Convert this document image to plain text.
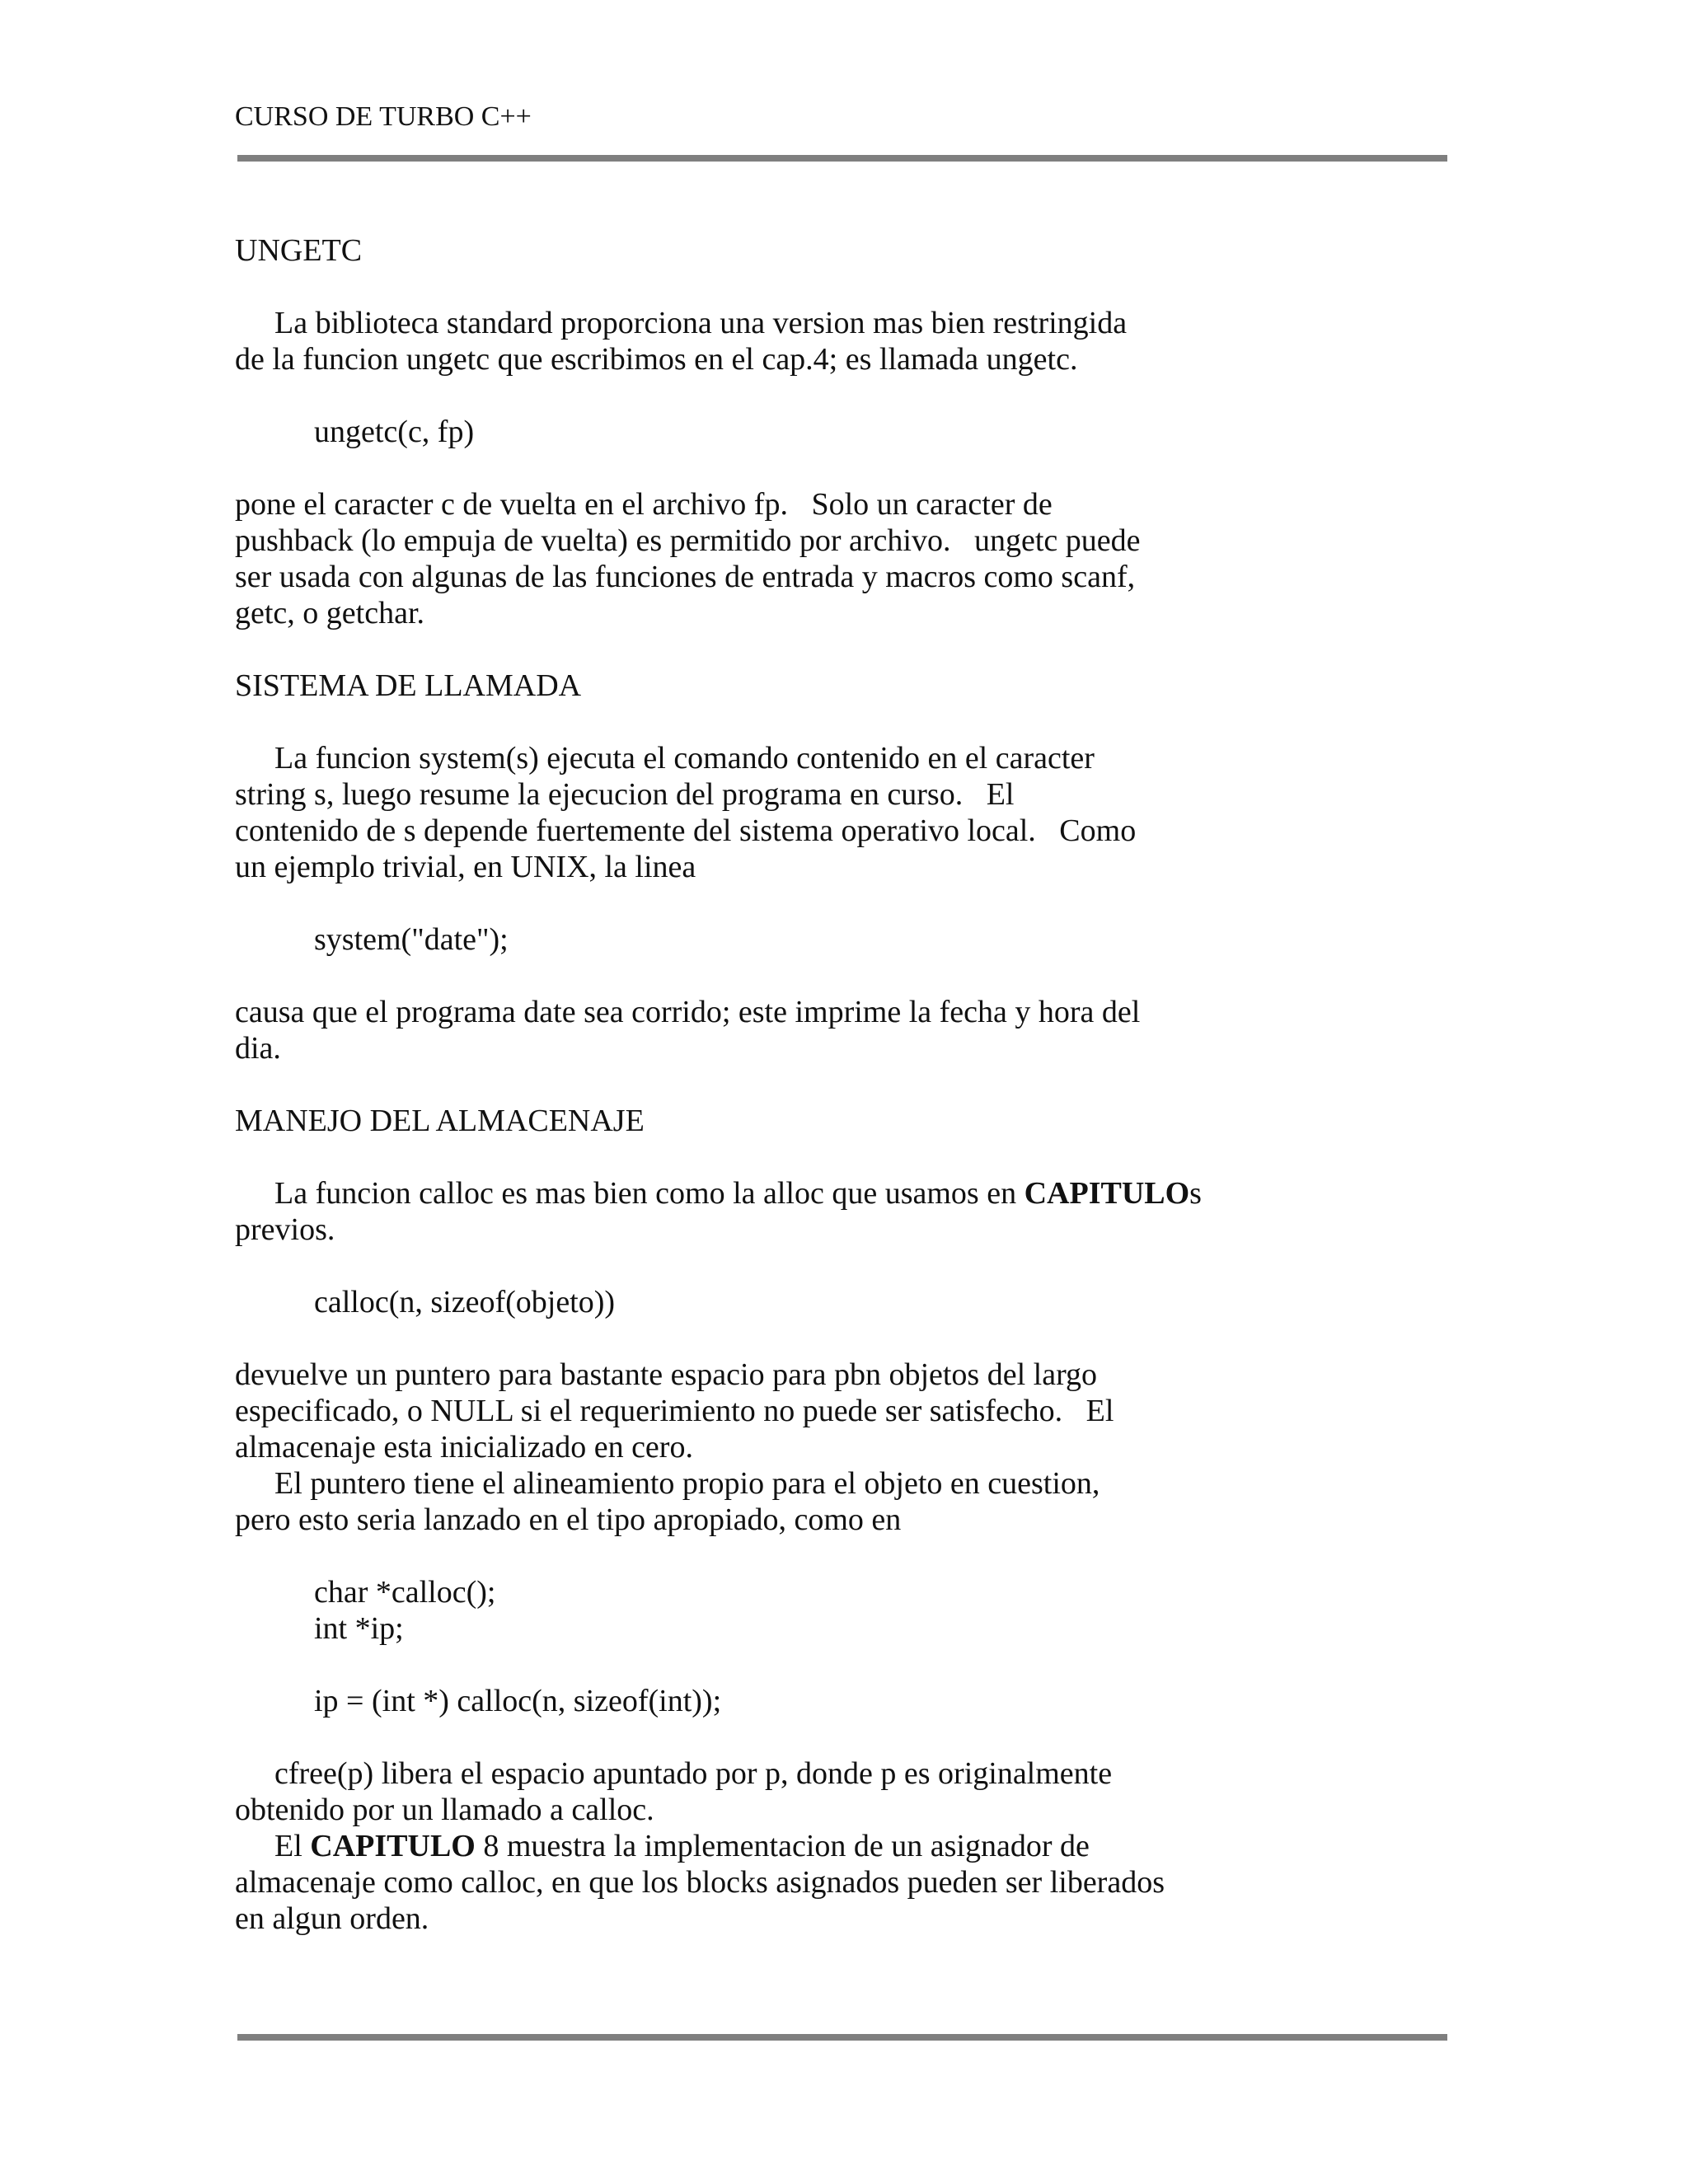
CURSO DE TURBO C++
UNGETC
La biblioteca standard proporciona una version mas bien restringida
de la funcion ungetc que escribimos en el cap.4; es llamada ungetc.
ungetc(c, fp)
pone el caracter c de vuelta en el archivo fp.   Solo un caracter de
pushback (lo empuja de vuelta) es permitido por archivo.   ungetc puede
ser usada con algunas de las funciones de entrada y macros como scanf,
getc, o getchar.
SISTEMA DE LLAMADA
La funcion system(s) ejecuta el comando contenido en el caracter
string s, luego resume la ejecucion del programa en curso.   El
contenido de s depende fuertemente del sistema operativo local.   Como
un ejemplo trivial, en UNIX, la linea
system("date");
causa que el programa date sea corrido; este imprime la fecha y hora del
dia.
MANEJO DEL ALMACENAJE
La funcion calloc es mas bien como la alloc que usamos en CAPITULOs
previos.
calloc(n, sizeof(objeto))
devuelve un puntero para bastante espacio para pbn objetos del largo
especificado, o NULL si el requerimiento no puede ser satisfecho.   El
almacenaje esta inicializado en cero.
El puntero tiene el alineamiento propio para el objeto en cuestion,
pero esto seria lanzado en el tipo apropiado, como en
char *calloc();
int *ip;
ip = (int *) calloc(n, sizeof(int));
cfree(p) libera el espacio apuntado por p, donde p es originalmente
obtenido por un llamado a calloc.
El CAPITULO 8 muestra la implementacion de un asignador de
almacenaje como calloc, en que los blocks asignados pueden ser liberados
en algun orden.
